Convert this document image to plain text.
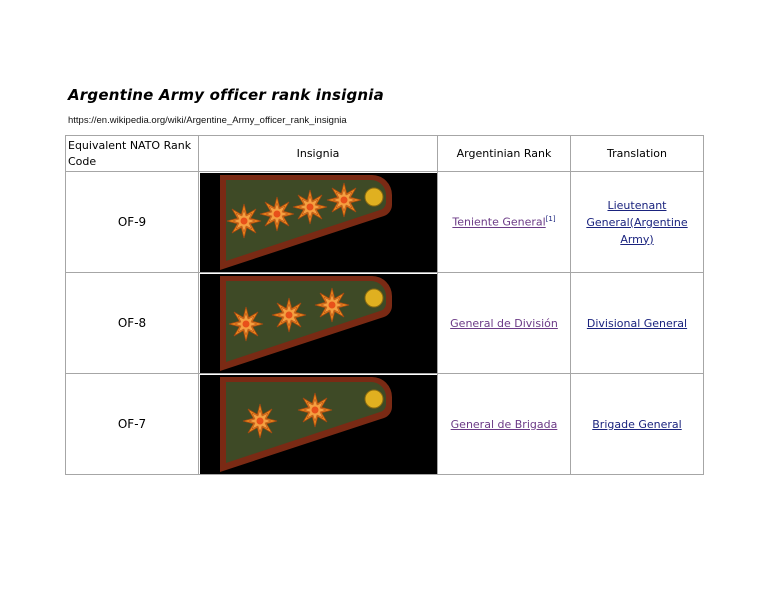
Argentine Army officer rank insignia
https://en.wikipedia.org/wiki/Argentine_Army_officer_rank_insignia
Equivalent NATO Rank Code	Insignia	Argentinian Rank	Translation
OF-9		Teniente General[1]	Lieutenant General(Argentine Army)
OF-8		General de División	Divisional General
OF-7		General de Brigada	Brigade General
